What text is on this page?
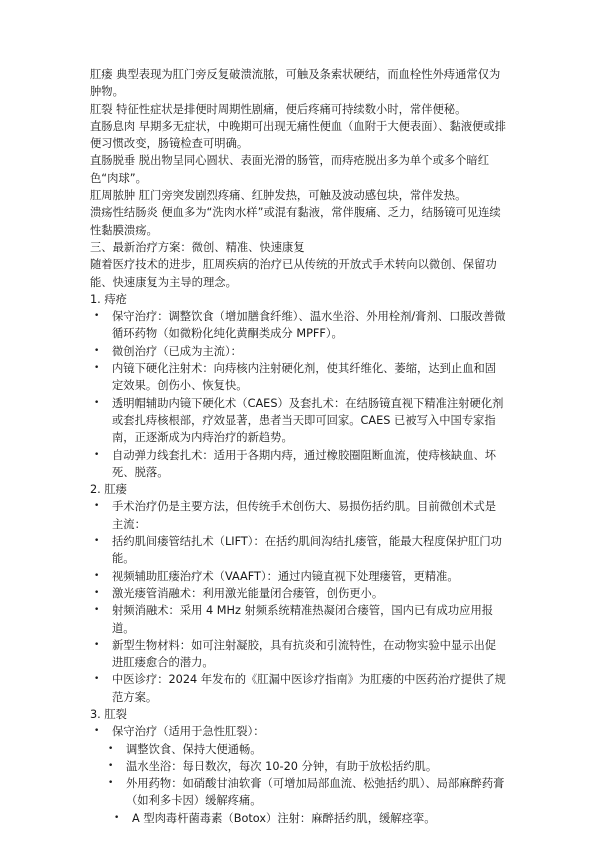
肛瘘 典型表现为肛门旁反复破溃流脓，可触及条索状硬结，而血栓性外痔通常仅为肿物。

肛裂 特征性症状是排便时周期性剧痛，便后疼痛可持续数小时，常伴便秘。

直肠息肉 早期多无症状，中晚期可出现无痛性便血（血附于大便表面）、黏液便或排便习惯改变，肠镜检查可明确。

直肠脱垂 脱出物呈同心圆状、表面光滑的肠管，而痔疮脱出多为单个或多个暗红色“肉球”。

肛周脓肿 肛门旁突发剧烈疼痛、红肿发热，可触及波动感包块，常伴发热。

溃疡性结肠炎 便血多为“洗肉水样”或混有黏液，常伴腹痛、乏力，结肠镜可见连续性黏膜溃疡。

三、最新治疗方案：微创、精准、快速康复

随着医疗技术的进步，肛周疾病的治疗已从传统的开放式手术转向以微创、保留功能、快速康复为主导的理念。

1. 痔疮

•	保守治疗：调整饮食（增加膳食纤维）、温水坐浴、外用栓剂/膏剂、口服改善微循环药物（如微粉化纯化黄酮类成分 MPFF）。
•	微创治疗（已成为主流）：
•	内镜下硬化注射术：向痔核内注射硬化剂，使其纤维化、萎缩，达到止血和固定效果。创伤小、恢复快。
•	透明帽辅助内镜下硬化术（CAES）及套扎术：在结肠镜直视下精准注射硬化剂或套扎痔核根部，疗效显著，患者当天即可回家。CAES 已被写入中国专家指南，正逐渐成为内痔治疗的新趋势。
•	自动弹力线套扎术：适用于各期内痔，通过橡胶圈阻断血流，使痔核缺血、坏死、脱落。

2. 肛瘘

•	手术治疗仍是主要方法，但传统手术创伤大、易损伤括约肌。目前微创术式是主流：
•	括约肌间瘘管结扎术（LIFT）：在括约肌间沟结扎瘘管，能最大程度保护肛门功能。
•	视频辅助肛瘘治疗术（VAAFT）：通过内镜直视下处理瘘管，更精准。
•	激光瘘管消融术：利用激光能量闭合瘘管，创伤更小。
•	射频消融术：采用 4 MHz 射频系统精准热凝闭合瘘管，国内已有成功应用报道。
•	新型生物材料：如可注射凝胶，具有抗炎和引流特性，在动物实验中显示出促进肛瘘愈合的潜力。
•	中医诊疗：2024 年发布的《肛漏中医诊疗指南》为肛瘘的中医药治疗提供了规范方案。

3. 肛裂

•	保守治疗（适用于急性肛裂）：
•	调整饮食、保持大便通畅。
•	温水坐浴：每日数次，每次 10-20 分钟，有助于放松括约肌。
•	外用药物：如硝酸甘油软膏（可增加局部血流、松弛括约肌）、局部麻醉药膏（如利多卡因）缓解疼痛。
•	A 型肉毒杆菌毒素（Botox）注射：麻醉括约肌，缓解痉挛。
